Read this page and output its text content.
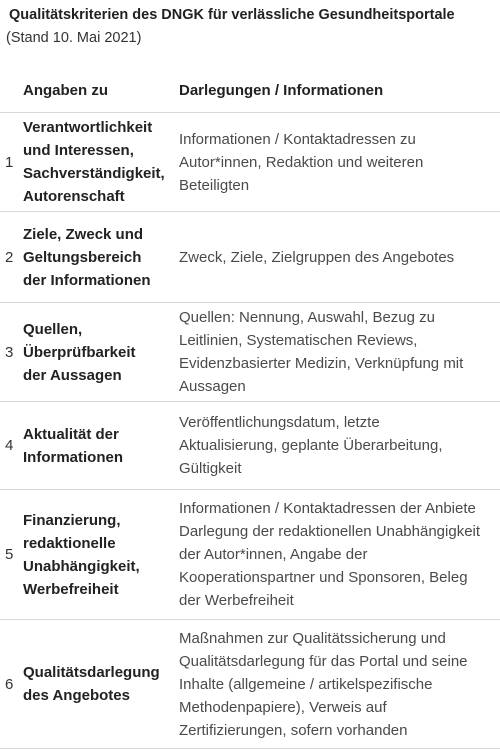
Qualitätskriterien des DNGK für verlässliche Gesundheitsportale
(Stand 10. Mai 2021)
	Angaben zu	Darlegungen / Informationen
1	Verantwortlichkeit
und Interessen,
Sachverständigkeit,
Autorenschaft	Informationen / Kontaktadressen zu
Autor*innen, Redaktion und weiteren
Beteiligten

2	Ziele, Zweck und
Geltungsbereich
der Informationen	Zweck, Ziele, Zielgruppen des Angebotes

3	Quellen,
Überprüfbarkeit
der Aussagen	Quellen: Nennung, Auswahl, Bezug zu
Leitlinien, Systematischen Reviews,
Evidenzbasierter Medizin, Verknüpfung mit
Aussagen

4	Aktualität der
Informationen	Veröffentlichungsdatum, letzte
Aktualisierung, geplante Überarbeitung,
Gültigkeit

5	Finanzierung,
redaktionelle
Unabhängigkeit,
Werbefreiheit	Informationen / Kontaktadressen der Anbiete
Darlegung der redaktionellen Unabhängigkeit
der Autor*innen, Angabe der
Kooperationspartner und Sponsoren, Beleg
der Werbefreiheit

6	Qualitätsdarlegung
des Angebotes	Maßnahmen zur Qualitätssicherung und
Qualitätsdarlegung für das Portal und seine
Inhalte (allgemeine / artikelspezifische
Methodenpapiere), Verweis auf
Zertifizierungen, sofern vorhanden
